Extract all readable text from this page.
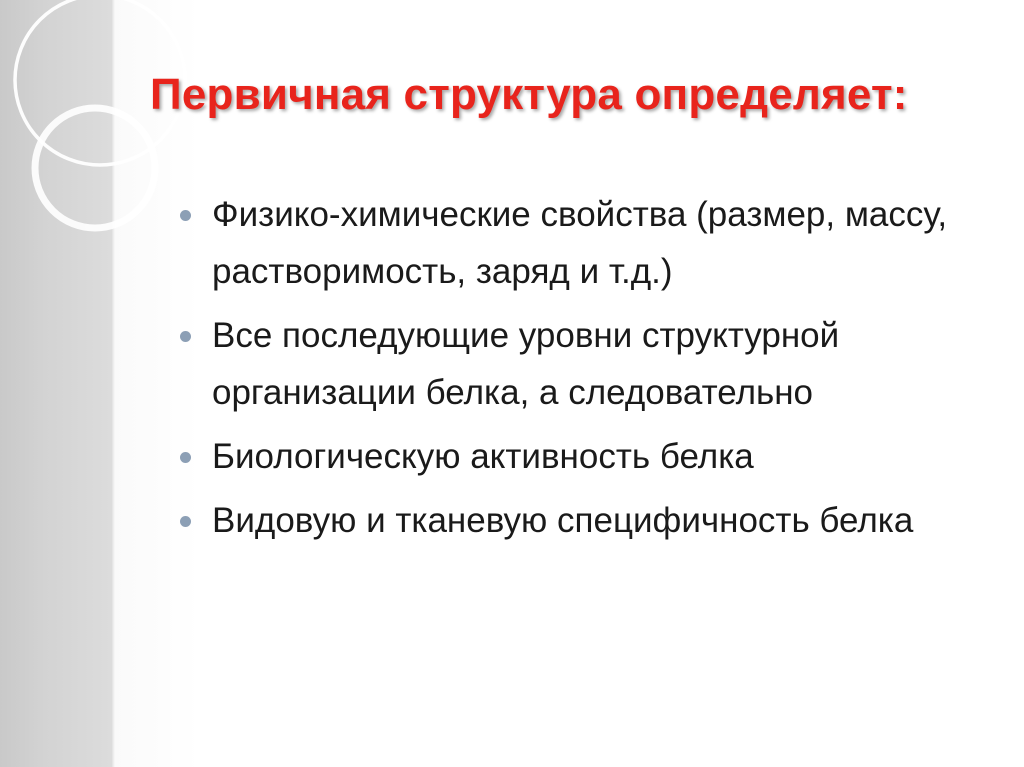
Первичная структура определяет:
Физико-химические свойства (размер, массу, растворимость, заряд и т.д.)
Все последующие уровни структурной организации белка, а следовательно
Биологическую активность белка
Видовую и тканевую специфичность белка
